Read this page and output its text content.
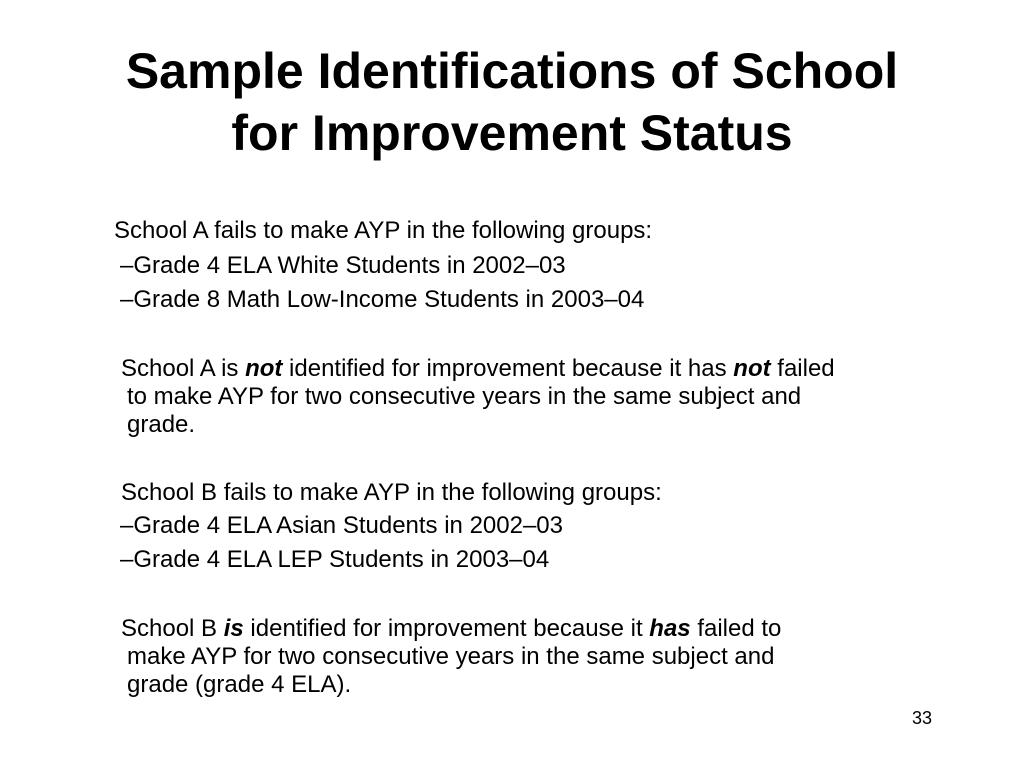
Sample Identifications of School
for Improvement Status
School A fails to make AYP in the following groups:
–Grade 4 ELA White Students in 2002–03
–Grade 8 Math Low-Income Students in 2003–04
School A is not identified for improvement because it has not failed
to make AYP for two consecutive years in the same subject and
grade.
School B fails to make AYP in the following groups:
–Grade 4 ELA Asian Students in 2002–03
–Grade 4 ELA LEP Students in 2003–04
School B is identified for improvement because it has failed to
make AYP for two consecutive years in the same subject and
grade (grade 4 ELA).
33
